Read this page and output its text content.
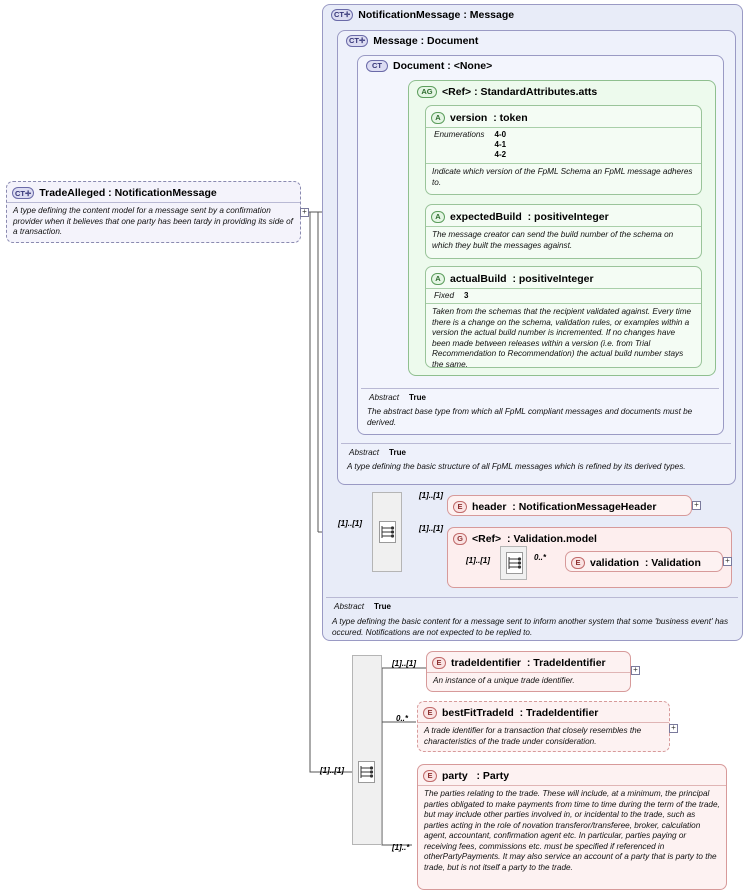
CT ✛ TradeAlleged : NotificationMessage
A type defining the content model for a message sent by a confirmation provider when it believes that one party has been tardy in providing its side of a transaction.
+
CT ✛ NotificationMessage : Message
Abstract True
A type defining the basic content for a message sent to inform another system that some 'business event' has occured. Notifications are not expected to be replied to.
CT ✛ Message : Document
Abstract True
A type defining the basic structure of all FpML messages which is refined by its derived types.
CT Document : <None>
Abstract True
The abstract base type from which all FpML compliant messages and documents must be derived.
AG <Ref> : StandardAttributes.atts
A version : token
Enumerations 4-0
4-1
4-2
Indicate which version of the FpML Schema an FpML message adheres to.
A expectedBuild : positiveInteger
The message creator can send the build number of the schema on which they built the messages against.
A actualBuild : positiveInteger
Fixed 3
Taken from the schemas that the recipient validated against. Every time there is a change on the schema, validation rules, or examples within a version the actual build number is incremented. If no changes have been made between releases within a version (i.e. from Trial Recommendation to Recommendation) the actual build number stays the same.
[1]..[1]
[1]..[1]
E header : NotificationMessageHeader
+
[1]..[1]
G <Ref> : Validation.model
[1]..[1]	0..*
E validation : Validation
+
[1]..[1]
[1]..[1]	E tradeIdentifier : TradeIdentifier
An instance of a unique trade identifier.
+
0..*
E bestFitTradeId : TradeIdentifier
A trade identifier for a transaction that closely resembles the characteristics of the trade under consideration.
+
[1]..*
E party : Party
The parties relating to the trade. These will include, at a minimum, the principal parties obligated to make payments from time to time during the term of the trade, but may include other parties involved in, or incidental to the trade, such as parties acting in the role of novation transferor/transferee, broker, calculation agent, accountant, confirmation agent etc. In particular, parties paying or receiving fees, commissions etc. must be specified if referenced in otherPartyPayments. It may also service an account of a party that is party to the trade, but is not itself a party to the trade.
